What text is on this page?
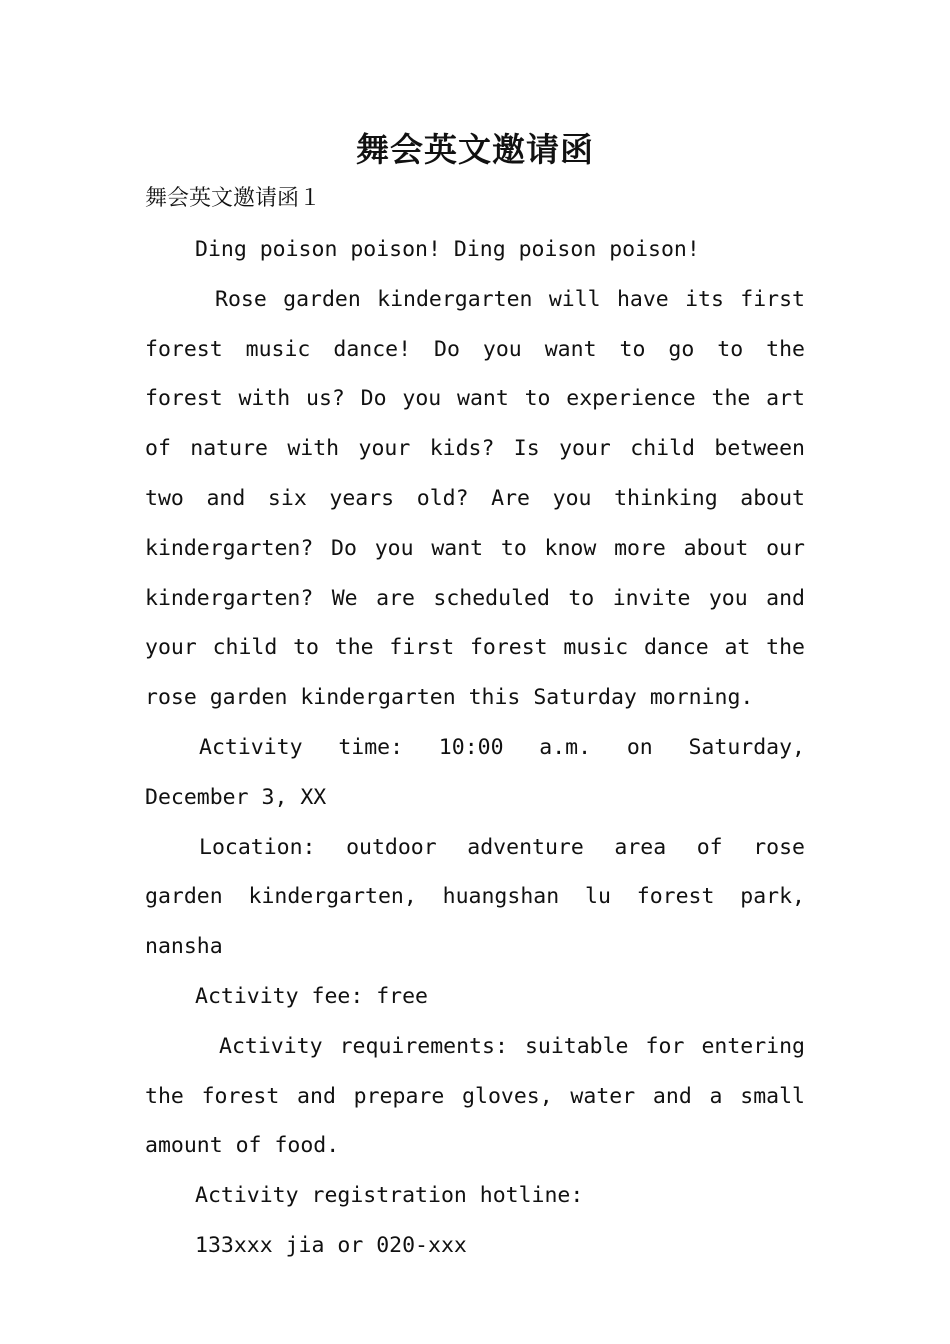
舞会英文邀请函
舞会英文邀请函１

Ding poison poison! Ding poison poison!

Rose garden kindergarten will have its first forest music dance! Do you want to go to the forest with us? Do you want to experience the art of nature with your kids? Is your child between two and six years old? Are you thinking about kindergarten? Do you want to know more about our kindergarten? We are scheduled to invite you and your child to the first forest music dance at the rose garden kindergarten this Saturday morning.

Activity time: 10:00 a.m. on Saturday, December 3, XX

Location: outdoor adventure area of rose garden kindergarten, huangshan lu forest park, nansha

Activity fee: free

Activity requirements: suitable for entering the forest and prepare gloves, water and a small amount of food.

Activity registration hotline:

133xxx jia or 020-xxx
